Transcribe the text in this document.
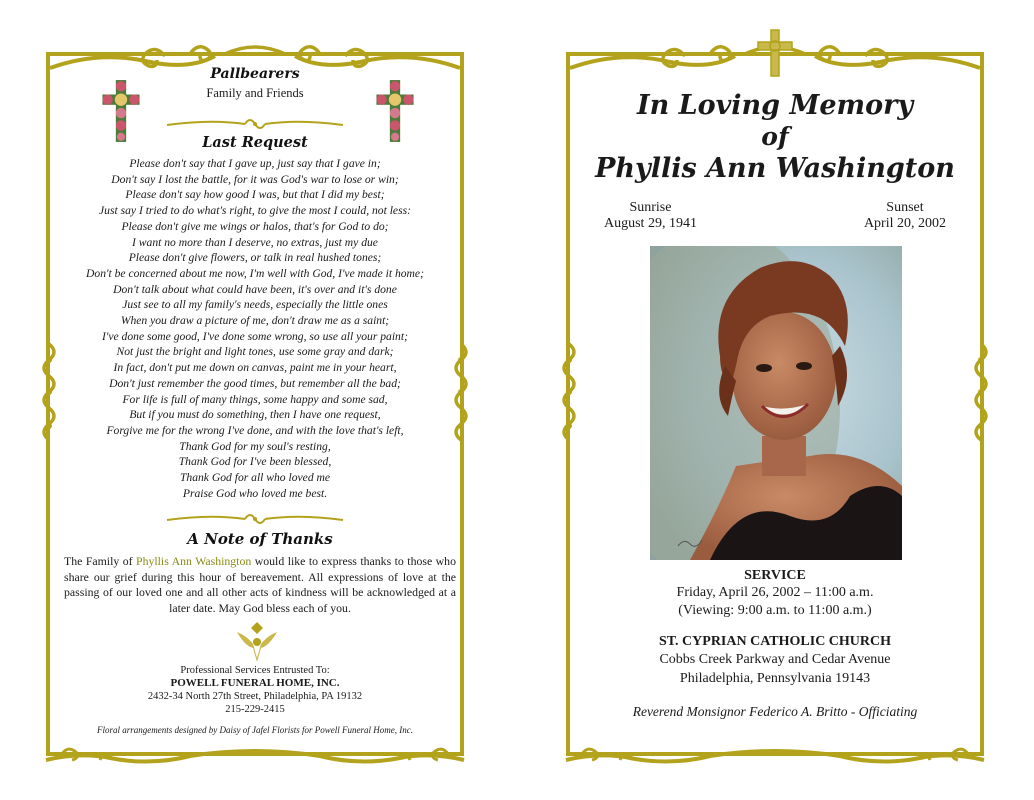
Pallbearers
Family and Friends
Last Request
Please don't say that I gave up, just say that I gave in;
Don't say I lost the battle, for it was God's war to lose or win;
Please don't say how good I was, but that I did my best;
Just say I tried to do what's right, to give the most I could, not less:
Please don't give me wings or halos, that's for God to do;
I want no more than I deserve, no extras, just my due
Please don't give flowers, or talk in real hushed tones;
Don't be concerned about me now, I'm well with God, I've made it home;
Don't talk about what could have been, it's over and it's done
Just see to all my family's needs, especially the little ones
When you draw a picture of me, don't draw me as a saint;
I've done some good, I've done some wrong, so use all your paint;
Not just the bright and light tones, use some gray and dark;
In fact, don't put me down on canvas, paint me in your heart,
Don't just remember the good times, but remember all the bad;
For life is full of many things, some happy and some sad,
But if you must do something, then I have one request,
Forgive me for the wrong I've done, and with the love that's left,
Thank God for my soul's resting,
Thank God for I've been blessed,
Thank God for all who loved me
Praise God who loved me best.
A Note of Thanks

The Family of Phyllis Ann Washington would like to express thanks to those who share our grief during this hour of bereavement. All expressions of love at the passing of our loved one and all other acts of kindness will be acknowledged at a later date. May God bless each of you.

Professional Services Entrusted To:
POWELL FUNERAL HOME, INC.
2432-34 North 27th Street, Philadelphia, PA 19132
215-229-2415
Floral arrangements designed by Daisy of Jafel Florists for Powell Funeral Home, Inc.
In Loving Memory
of
Phyllis Ann Washington
Sunrise
August 29, 1941
Sunset
April 20, 2002
SERVICE
Friday, April 26, 2002 – 11:00 a.m.
(Viewing: 9:00 a.m. to 11:00 a.m.)
ST. CYPRIAN CATHOLIC CHURCH
Cobbs Creek Parkway and Cedar Avenue
Philadelphia, Pennsylvania 19143
Reverend Monsignor Federico A. Britto - Officiating
